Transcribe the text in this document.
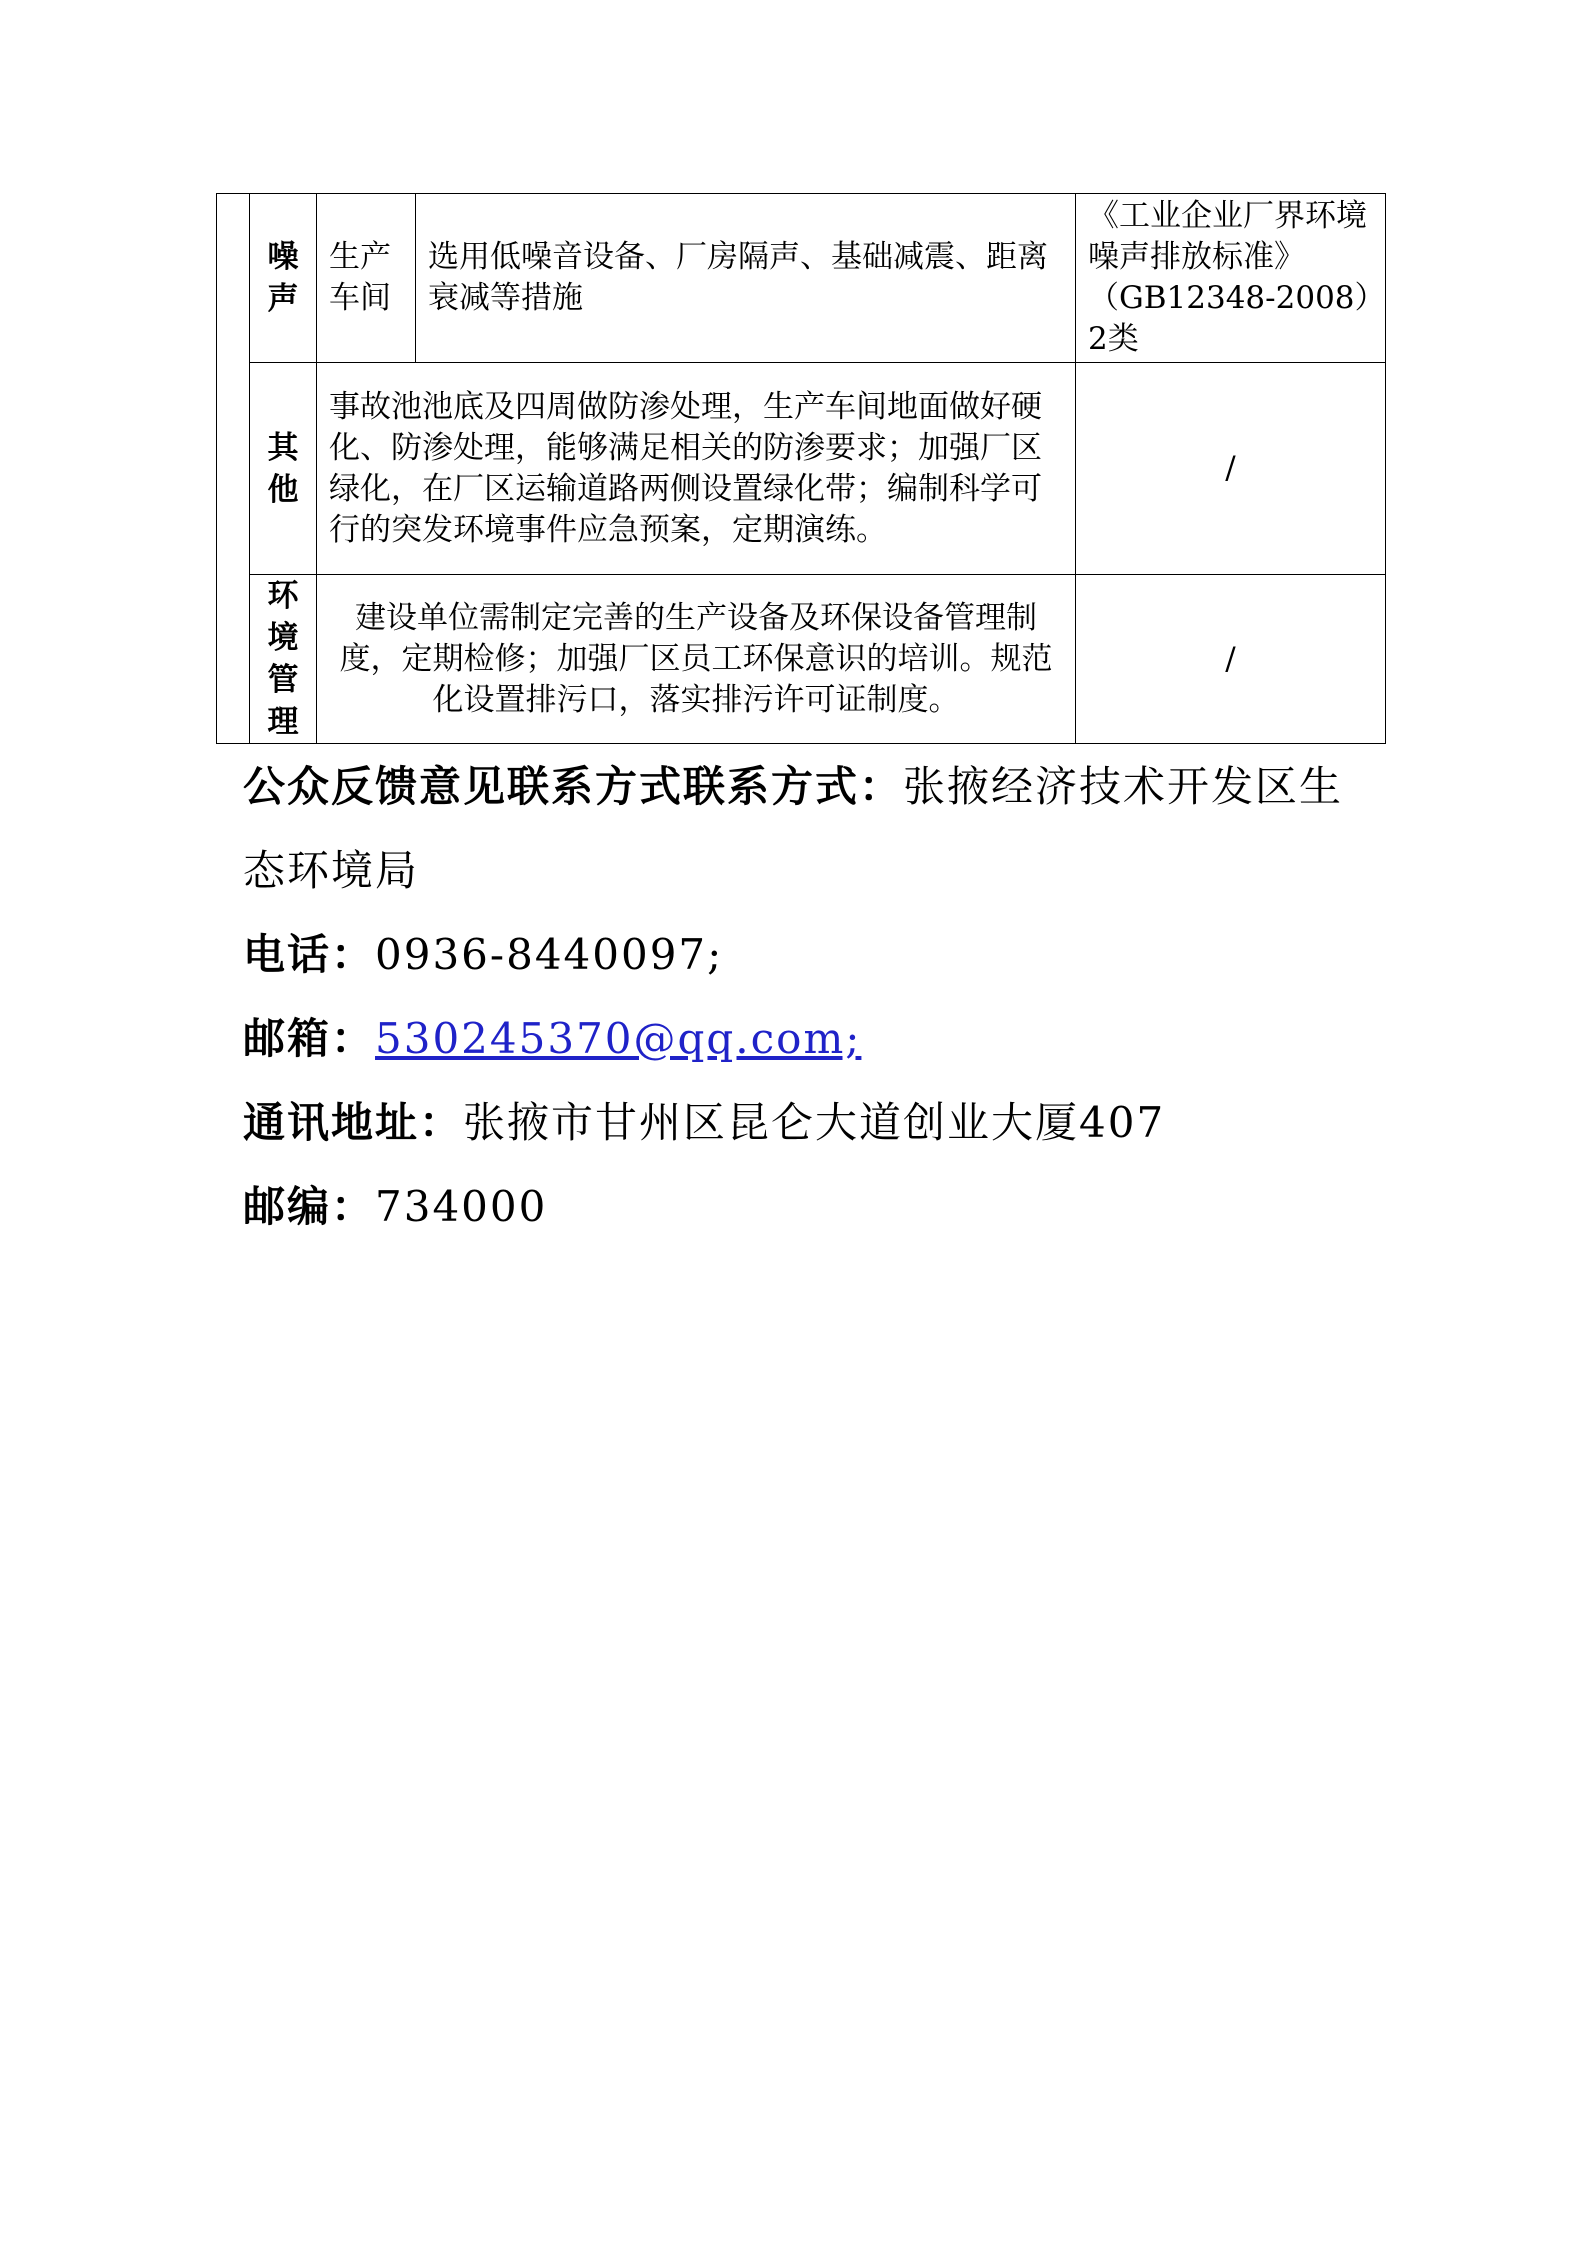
	噪声	生产车间	选用低噪音设备、厂房隔声、基础减震、距离衰减等措施	《工业企业厂界环境噪声排放标准》（GB12348-2008）2类
	其他	事故池池底及四周做防渗处理，生产车间地面做好硬化、防渗处理，能够满足相关的防渗要求；加强厂区绿化，在厂区运输道路两侧设置绿化带；编制科学可行的突发环境事件应急预案，定期演练。		/
	环境管理	建设单位需制定完善的生产设备及环保设备管理制度，定期检修；加强厂区员工环保意识的培训。规范化设置排污口，落实排污许可证制度。		/
公众反馈意见联系方式联系方式：张掖经济技术开发区生态环境局
电话：0936-8440097;
邮箱：530245370@qq.com;
通讯地址：张掖市甘州区昆仑大道创业大厦407
邮编：734000
